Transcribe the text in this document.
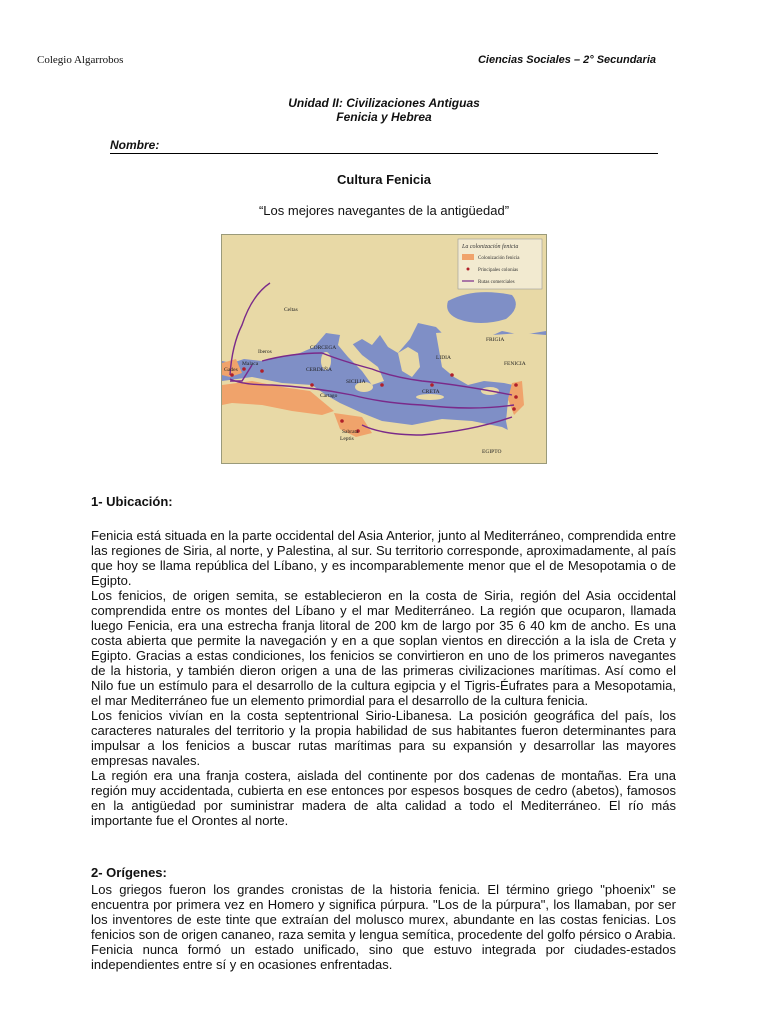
Colegio Algarrobos	Ciencias Sociales – 2° Secundaria
Unidad II: Civilizaciones Antiguas
Fenicia y Hebrea
Nombre:
Cultura Fenicia
“Los mejores navegantes de la antigüedad”
La colonización fenicia
Colonización fenicia
Principales colonias
Rutas comerciales
Celtas
Iberos
Gades
Malaca
Cartago
Sabrata
Leptis
LIDIA
FRIGIA
FENICIA
CRETA
EGIPTO
SICILIA
CERDEÑA
CORCEGA
1- Ubicación:

Fenicia está situada en la parte occidental del Asia Anterior, junto al Mediterráneo, comprendida entre las regiones de Siria, al norte, y Palestina, al sur. Su territorio corresponde, aproximadamente, al país que hoy se llama república del Líbano, y es incomparablemente menor que el de Mesopotamia o de Egipto.

Los fenicios, de origen semita, se establecieron en la costa de Siria, región del Asia occidental comprendida entre os montes del Líbano y el mar Mediterráneo. La región que ocuparon, llamada luego Fenicia, era una estrecha franja litoral de 200 km de largo por 35 6 40 km de ancho. Es una costa abierta que permite la navegación y en a que soplan vientos en dirección a la isla de Creta y Egipto. Gracias a estas condiciones, los fenicios se convirtieron en uno de los primeros navegantes de la historia, y también dieron origen a una de las primeras civilizaciones marítimas. Así como el Nilo fue un estímulo para el desarrollo de la cultura egipcia y el Tigris-Éufrates para a Mesopotamia, el mar Mediterráneo fue un elemento primordial para el desarrollo de la cultura fenicia.

Los fenicios vivían en la costa septentrional Sirio-Libanesa. La posición geográfica del país, los caracteres naturales del territorio y la propia habilidad de sus habitantes fueron determinantes para impulsar a los fenicios a buscar rutas marítimas para su expansión y desarrollar las mayores empresas navales.

La región era una franja costera, aislada del continente por dos cadenas de montañas. Era una región muy accidentada, cubierta en ese entonces por espesos bosques de cedro (abetos), famosos en la antigüedad por suministrar madera de alta calidad a todo el Mediterráneo. El río más importante fue el Orontes al norte.

2- Orígenes:

Los griegos fueron los grandes cronistas de la historia fenicia. El término griego "phoenix" se encuentra por primera vez en Homero y significa púrpura. "Los de la púrpura", los llamaban, por ser los inventores de este tinte que extraían del molusco murex, abundante en las costas fenicias. Los fenicios son de origen cananeo, raza semita y lengua semítica, procedente del golfo pérsico o Arabia. Fenicia nunca formó un estado unificado, sino que estuvo integrada por ciudades-estados independientes entre sí y en ocasiones enfrentadas.
